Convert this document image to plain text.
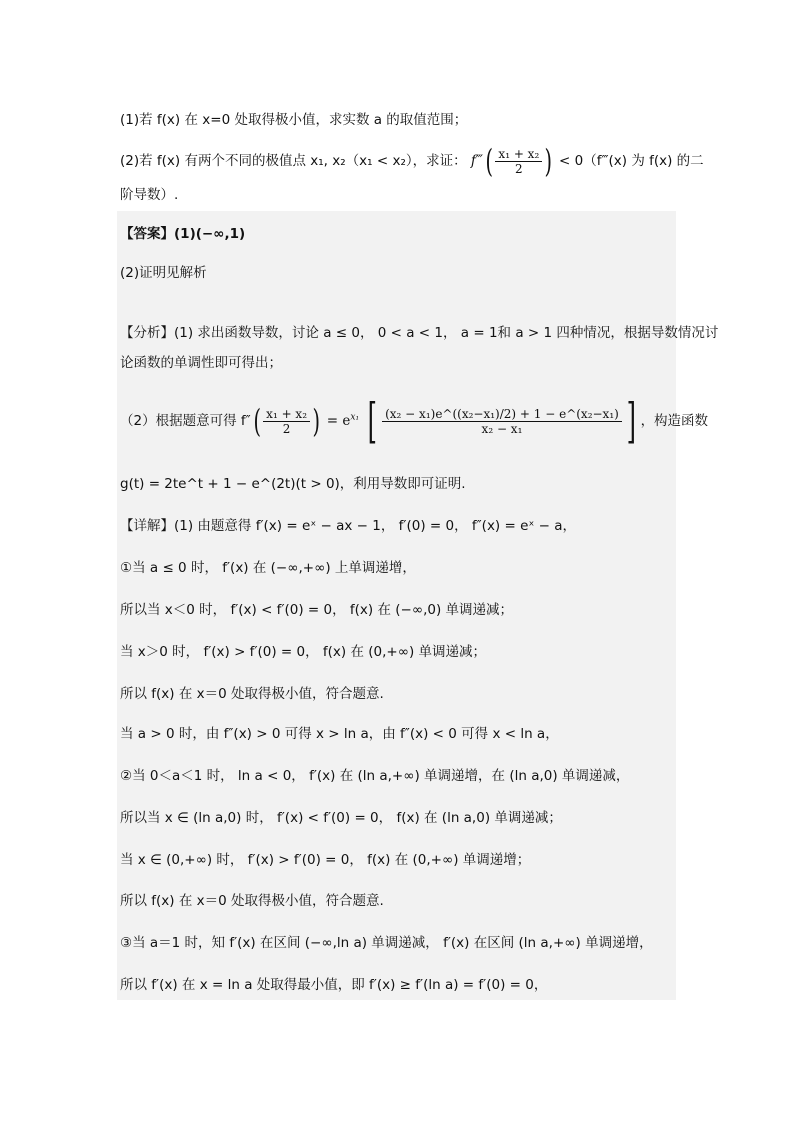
(1)若 f(x) 在 x=0 处取得极小值，求实数 a 的取值范围；
(2)若 f(x) 有两个不同的极值点 x₁, x₂（x₁ < x₂），求证： f‴( $\frac{\text{x₁ + x₂}}{2}$ ) < 0（f‴(x) 为 f(x) 的二
阶导数）.
【答案】(1)(−∞,1)
(2)证明见解析
【分析】(1) 求出函数导数，讨论 a ≤ 0， 0 < a < 1， a = 1和 a > 1 四种情况，根据导数情况讨
论函数的单调性即可得出；
（2）根据题意可得 $f''( \frac{\text{x₁ + x₂}}{2}$ ) = $e^{x_1}$ [ $\frac{\text{(x₂ − x₁)e\textasciicircum{}((x₂−x₁)/2) + 1 − e\textasciicircum{}(x₂−x₁)}}{\text{x₂ − x₁}}$ ] ，构造函数
g(t) = 2te^t + 1 − e^(2t)(t > 0)，利用导数即可证明.
【详解】(1) 由题意得 f′(x) = eˣ − ax − 1， f′(0) = 0， f″(x) = eˣ − a，
①当 a ≤ 0 时， f′(x) 在 (−∞,+∞) 上单调递增，
所以当 x＜0 时， f′(x) < f′(0) = 0， f(x) 在 (−∞,0) 单调递减；
当 x＞0 时， f′(x) > f′(0) = 0， f(x) 在 (0,+∞) 单调递减；
所以 f(x) 在 x＝0 处取得极小值，符合题意.
当 a > 0 时，由 f″(x) > 0 可得 x > ln a，由 f″(x) < 0 可得 x < ln a，
②当 0＜a＜1 时， ln a < 0， f′(x) 在 (ln a,+∞) 单调递增，在 (ln a,0) 单调递减，
所以当 x ∈ (ln a,0) 时， f′(x) < f′(0) = 0， f(x) 在 (ln a,0) 单调递减；
当 x ∈ (0,+∞) 时， f′(x) > f′(0) = 0， f(x) 在 (0,+∞) 单调递增；
所以 f(x) 在 x＝0 处取得极小值，符合题意.
③当 a＝1 时，知 f′(x) 在区间 (−∞,ln a) 单调递减， f′(x) 在区间 (ln a,+∞) 单调递增，
所以 f′(x) 在 x = ln a 处取得最小值，即 f′(x) ≥ f′(ln a) = f′(0) = 0，
